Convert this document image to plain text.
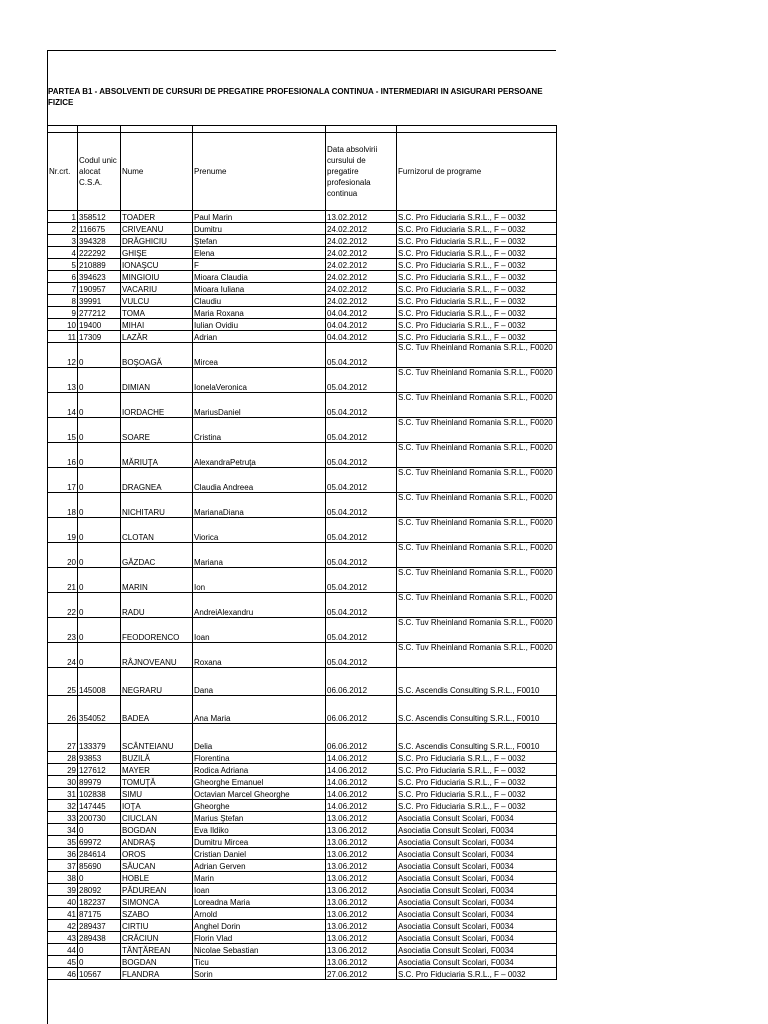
PARTEA B1 - ABSOLVENTI DE CURSURI DE PREGATIRE PROFESIONALA CONTINUA - INTERMEDIARI IN ASIGURARI PERSOANE FIZICE

Nr.crt.	Codul unic alocat C.S.A.	Nume	Prenume	Data absolvirii cursului de pregatire profesionala continua	Furnizorul de programe
1	358512	TOADER	Paul Marin	13.02.2012	S.C. Pro Fiduciaria S.R.L., F – 0032
2	116675	CRIVEANU	Dumitru	24.02.2012	S.C. Pro Fiduciaria S.R.L., F – 0032
3	394328	DRĂGHICIU	Ştefan	24.02.2012	S.C. Pro Fiduciaria S.R.L., F – 0032
4	222292	GHIŞE	Elena	24.02.2012	S.C. Pro Fiduciaria S.R.L., F – 0032
5	210889	IONAŞCU	F	24.02.2012	S.C. Pro Fiduciaria S.R.L., F – 0032
6	394623	MINGIOIU	Mioara Claudia	24.02.2012	S.C. Pro Fiduciaria S.R.L., F – 0032
7	190957	VACARIU	Mioara Iuliana	24.02.2012	S.C. Pro Fiduciaria S.R.L., F – 0032
8	39991	VULCU	Claudiu	24.02.2012	S.C. Pro Fiduciaria S.R.L., F – 0032
9	277212	TOMA	Maria Roxana	04.04.2012	S.C. Pro Fiduciaria S.R.L., F – 0032
10	19400	MIHAI	Iulian Ovidiu	04.04.2012	S.C. Pro Fiduciaria S.R.L., F – 0032
11	17309	LAZĂR	Adrian	04.04.2012	S.C. Pro Fiduciaria S.R.L., F – 0032
12	0	BOŞOAGĂ	Mircea	05.04.2012	S.C. Tuv Rheinland Romania S.R.L., F0020
13	0	DIMIAN	IonelaVeronica	05.04.2012	S.C. Tuv Rheinland Romania S.R.L., F0020
14	0	IORDACHE	MariusDaniel	05.04.2012	S.C. Tuv Rheinland Romania S.R.L., F0020
15	0	SOARE	Cristina	05.04.2012	S.C. Tuv Rheinland Romania S.R.L., F0020
16	0	MĂRIUŢA	AlexandraPetruţa	05.04.2012	S.C. Tuv Rheinland Romania S.R.L., F0020
17	0	DRAGNEA	Claudia Andreea	05.04.2012	S.C. Tuv Rheinland Romania S.R.L., F0020
18	0	NICHITARU	MarianaDiana	05.04.2012	S.C. Tuv Rheinland Romania S.R.L., F0020
19	0	CLOTAN	Viorica	05.04.2012	S.C. Tuv Rheinland Romania S.R.L., F0020
20	0	GĂZDAC	Mariana	05.04.2012	S.C. Tuv Rheinland Romania S.R.L., F0020
21	0	MARIN	Ion	05.04.2012	S.C. Tuv Rheinland Romania S.R.L., F0020
22	0	RADU	AndreiAlexandru	05.04.2012	S.C. Tuv Rheinland Romania S.R.L., F0020
23	0	FEODORENCO	Ioan	05.04.2012	S.C. Tuv Rheinland Romania S.R.L., F0020
24	0	RÂJNOVEANU	Roxana	05.04.2012	S.C. Tuv Rheinland Romania S.R.L., F0020
25	145008	NEGRARU	Dana	06.06.2012	S.C. Ascendis Consulting S.R.L., F0010
26	354052	BADEA	Ana Maria	06.06.2012	S.C. Ascendis Consulting S.R.L., F0010
27	133379	SCÂNTEIANU	Delia	06.06.2012	S.C. Ascendis Consulting S.R.L., F0010
28	93853	BUZILĂ	Florentina	14.06.2012	S.C. Pro Fiduciaria S.R.L., F – 0032
29	127612	MAYER	Rodica Adriana	14.06.2012	S.C. Pro Fiduciaria S.R.L., F – 0032
30	89979	TOMUŢĂ	Gheorghe Emanuel	14.06.2012	S.C. Pro Fiduciaria S.R.L., F – 0032
31	102838	SIMU	Octavian Marcel Gheorghe	14.06.2012	S.C. Pro Fiduciaria S.R.L., F – 0032
32	147445	IOŢA	Gheorghe	14.06.2012	S.C. Pro Fiduciaria S.R.L., F – 0032
33	200730	CIUCLAN	Marius Ştefan	13.06.2012	Asociatia Consult Scolari, F0034
34	0	BOGDAN	Eva Ildiko	13.06.2012	Asociatia Consult Scolari, F0034
35	69972	ANDRAŞ	Dumitru Mircea	13.06.2012	Asociatia Consult Scolari, F0034
36	284614	OROS	Cristian Daniel	13.06.2012	Asociatia Consult Scolari, F0034
37	85690	SĂUCAN	Adrian Gerven	13.06.2012	Asociatia Consult Scolari, F0034
38	0	HOBLE	Marin	13.06.2012	Asociatia Consult Scolari, F0034
39	28092	PĂDUREAN	Ioan	13.06.2012	Asociatia Consult Scolari, F0034
40	182237	SIMONCA	Loreadna Maria	13.06.2012	Asociatia Consult Scolari, F0034
41	87175	SZABO	Arnold	13.06.2012	Asociatia Consult Scolari, F0034
42	289437	CIRTIU	Anghel Dorin	13.06.2012	Asociatia Consult Scolari, F0034
43	289438	CRĂCIUN	Florin Vlad	13.06.2012	Asociatia Consult Scolari, F0034
44	0	TĂNŢĂREAN	Nicolae Sebastian	13.06.2012	Asociatia Consult Scolari, F0034
45	0	BOGDAN	Ticu	13.06.2012	Asociatia Consult Scolari, F0034
46	10567	FLANDRA	Sorin	27.06.2012	S.C. Pro Fiduciaria S.R.L., F – 0032
